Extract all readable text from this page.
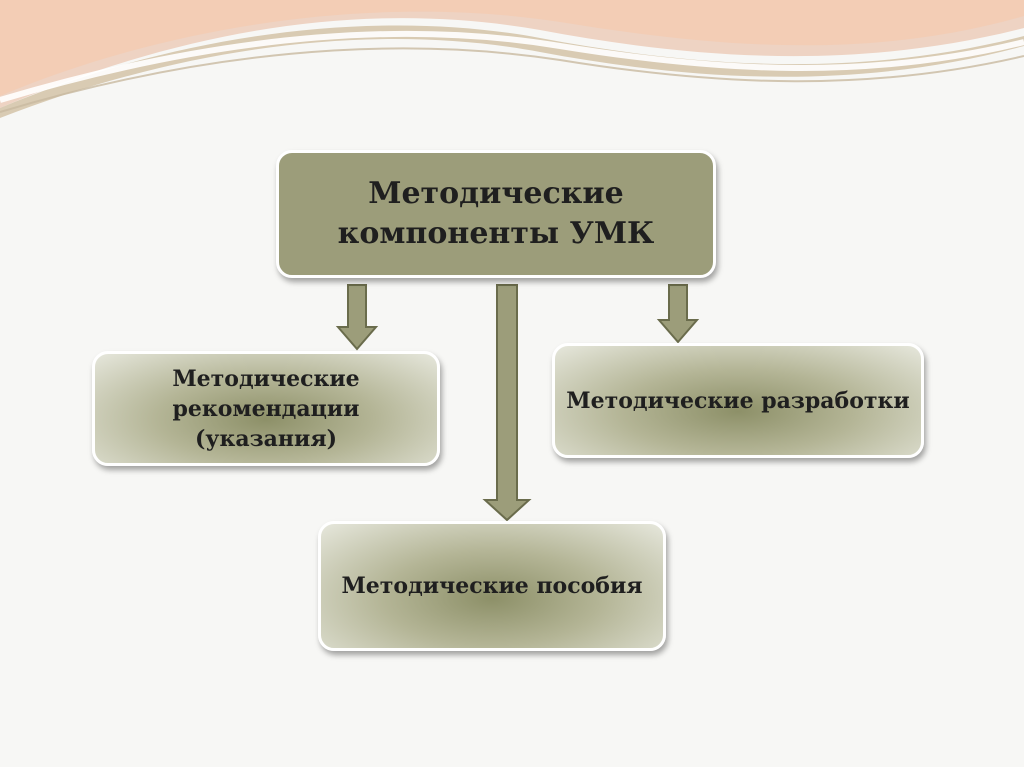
Методические
компоненты УМК
Методические
рекомендации
(указания)
Методические разработки
Методические пособия
